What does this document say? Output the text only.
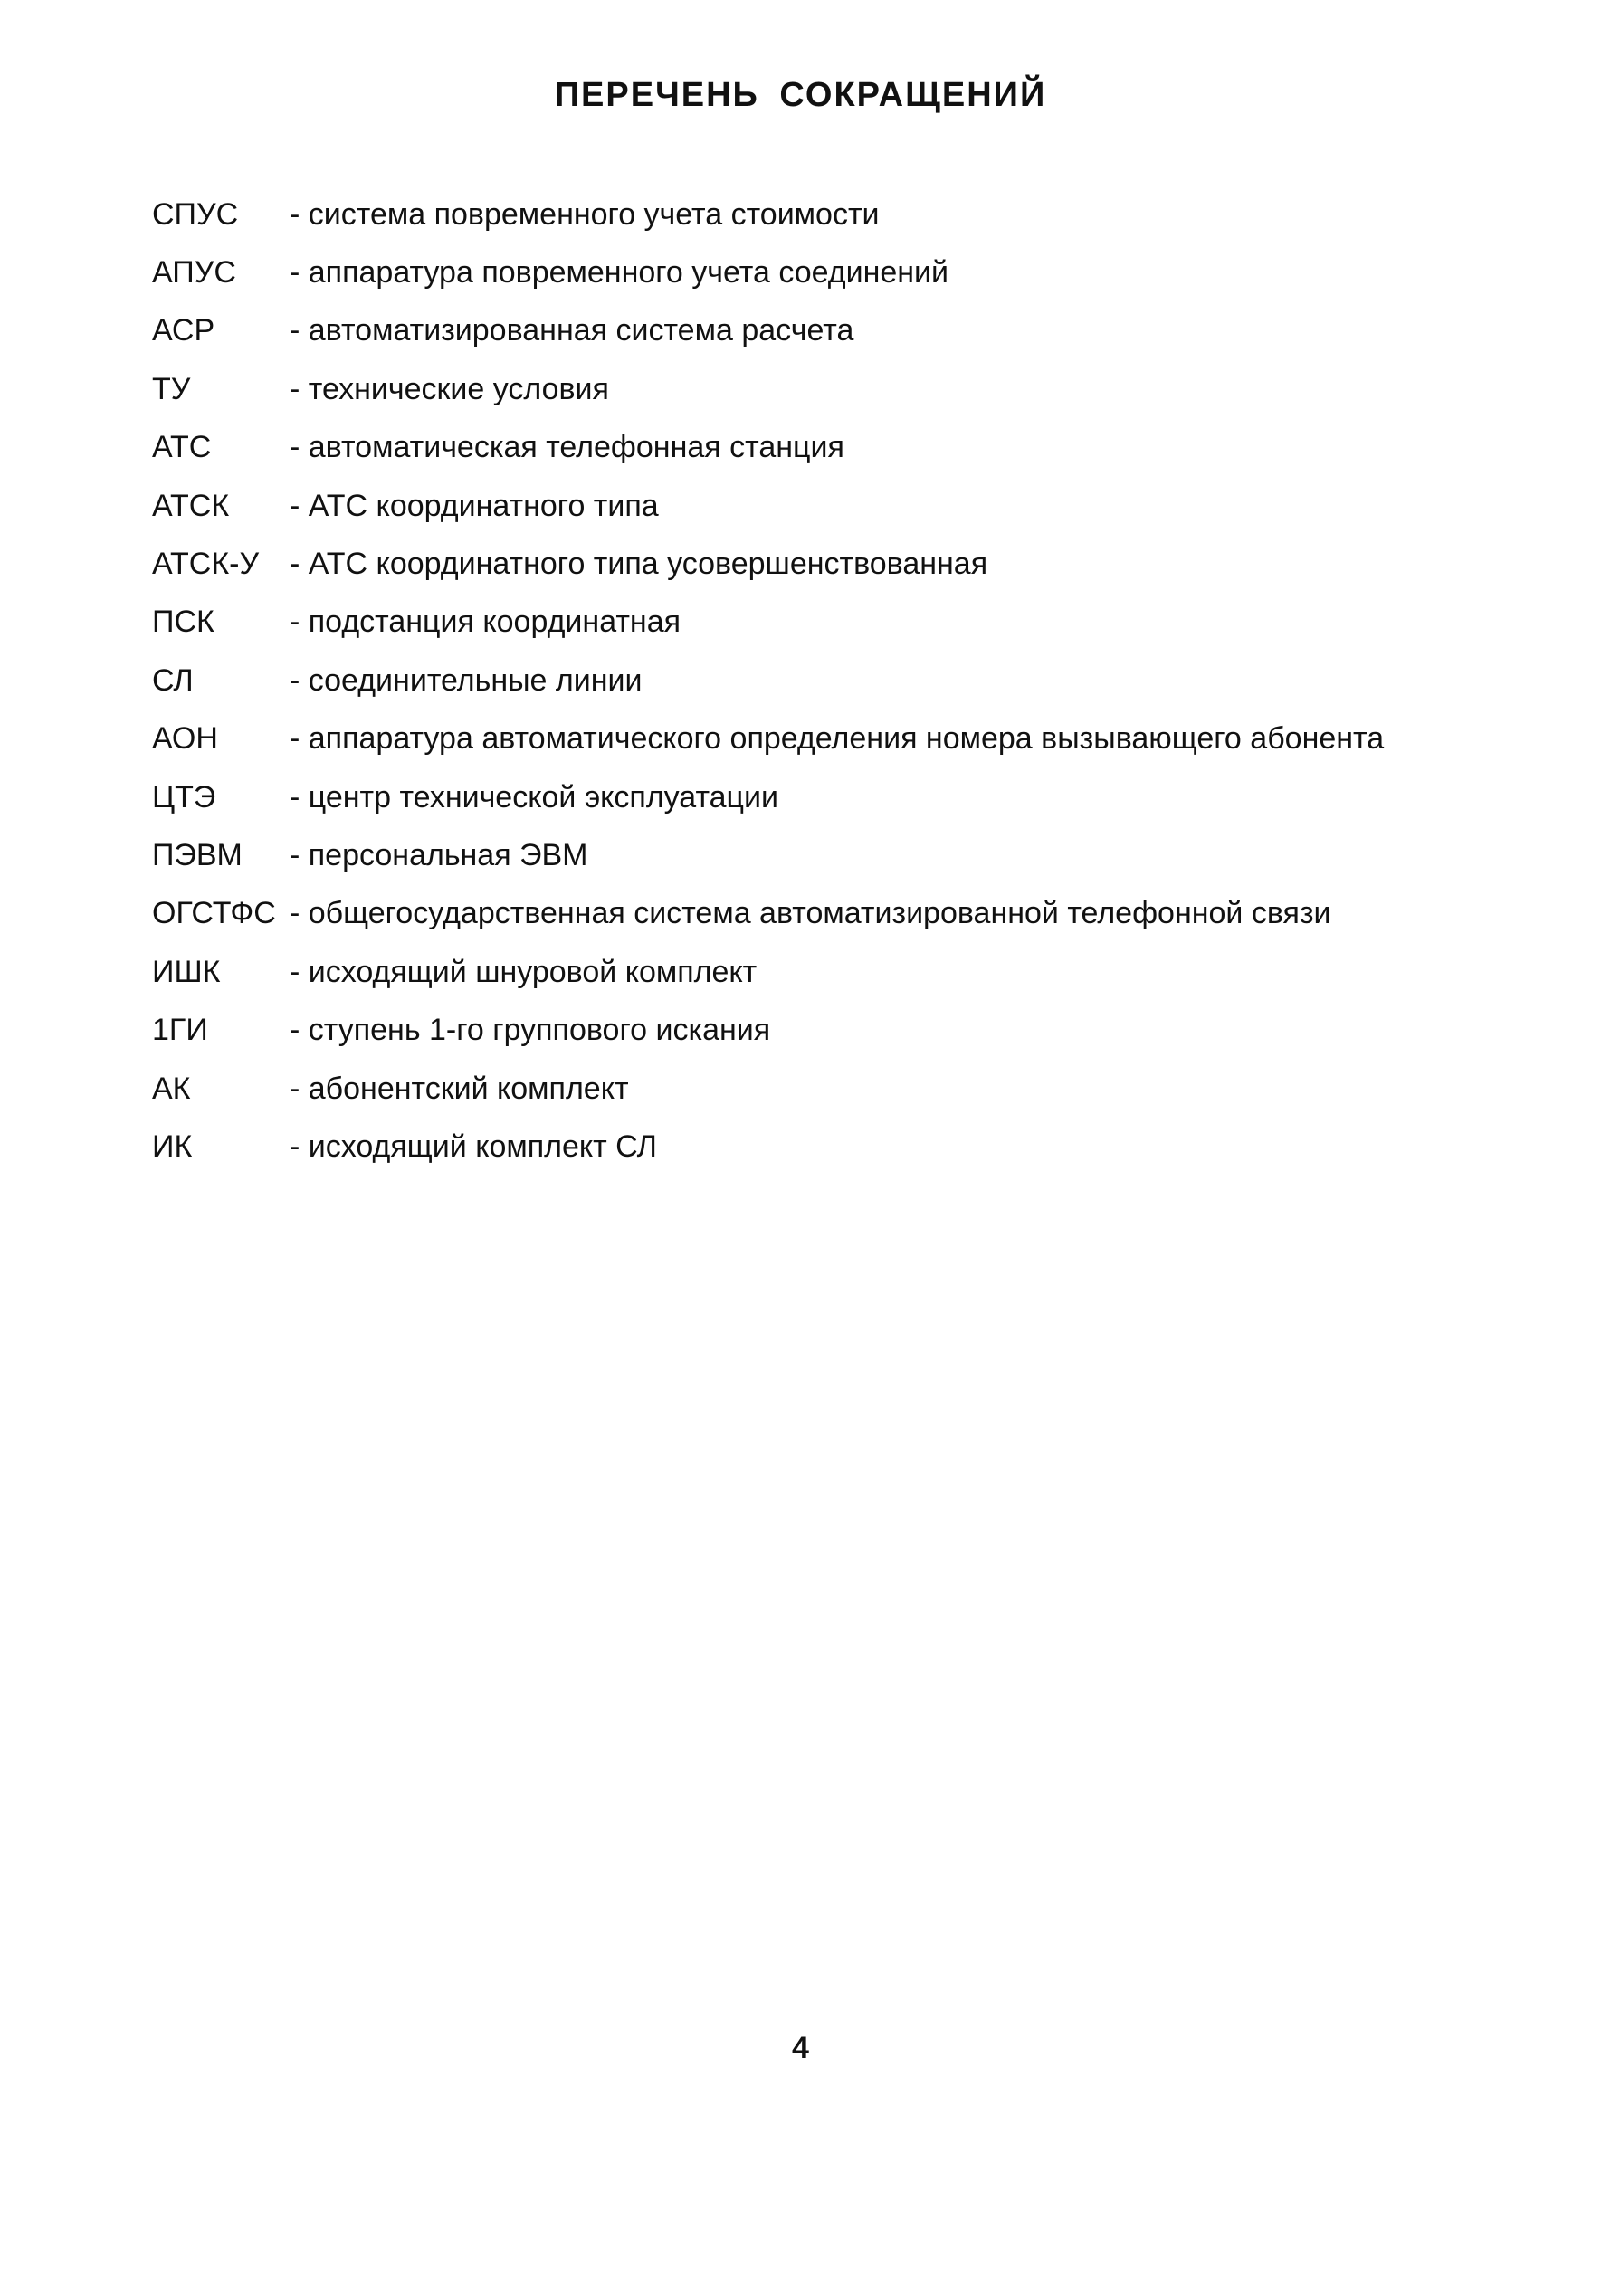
ПЕРЕЧЕНЬ СОКРАЩЕНИЙ
СПУС	- система повременного учета стоимости
АПУС	- аппаратура повременного учета соединений
АСР	- автоматизированная система расчета
ТУ	- технические условия
АТС	- автоматическая телефонная станция
АТСК	- АТС координатного типа
АТСК-У - АТС координатного типа усовершенствованная
ПСК	- подстанция координатная
СЛ	- соединительные линии
АОН	- аппаратура автоматического определения номера вызывающего абонента
ЦТЭ	- центр технической эксплуатации
ПЭВМ	- персональная ЭВМ
ОГСТФС - общегосударственная система автоматизированной телефонной связи
ИШК	- исходящий шнуровой комплект
1ГИ	- ступень 1-го группового искания
АК	- абонентский комплект
ИК	- исходящий комплект СЛ
4
